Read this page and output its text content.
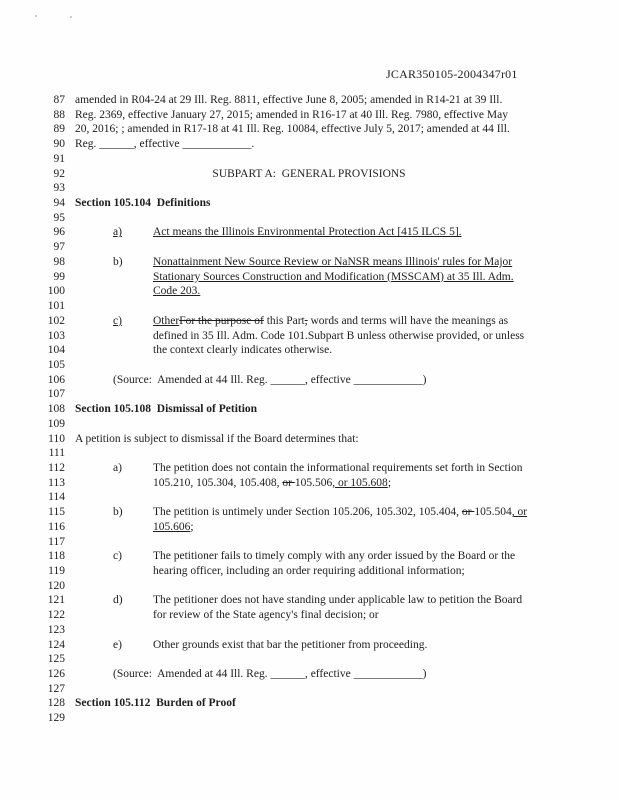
JCAR350105-2004347r01
87 amended in R04-24 at 29 Ill. Reg. 8811, effective June 8, 2005; amended in R14-21 at 39 Ill.
88 Reg. 2369, effective January 27, 2015; amended in R16-17 at 40 Ill. Reg. 7980, effective May
89 20, 2016; ; amended in R17-18 at 41 Ill. Reg. 10084, effective July 5, 2017; amended at 44 Ill.
90 Reg. ______, effective ____________.
91
92	SUBPART A:  GENERAL PROVISIONS
93
94 Section 105.104  Definitions
95
96	a)	Act means the Illinois Environmental Protection Act [415 ILCS 5].
97
98	b)	Nonattainment New Source Review or NaNSR means Illinois' rules for Major
99	Stationary Sources Construction and Modification (MSSCAM) at 35 Ill. Adm.
100	Code 203.
101
102	c)	OtherFor the purpose of this Part, words and terms will have the meanings as
103	defined in 35 Ill. Adm. Code 101.Subpart B unless otherwise provided, or unless
104	the context clearly indicates otherwise.
105
106	(Source:  Amended at 44 Ill. Reg. ______, effective ____________)
107
108 Section 105.108  Dismissal of Petition
109
110 A petition is subject to dismissal if the Board determines that:
111
112	a)	The petition does not contain the informational requirements set forth in Section
113	105.210, 105.304, 105.408, or 105.506, or 105.608;
114
115	b)	The petition is untimely under Section 105.206, 105.302, 105.404, or 105.504, or
116	105.606;
117
118	c)	The petitioner fails to timely comply with any order issued by the Board or the
119	hearing officer, including an order requiring additional information;
120
121	d)	The petitioner does not have standing under applicable law to petition the Board
122	for review of the State agency's final decision; or
123
124	e)	Other grounds exist that bar the petitioner from proceeding.
125
126	(Source:  Amended at 44 Ill. Reg. ______, effective ____________)
127
128 Section 105.112  Burden of Proof
129
